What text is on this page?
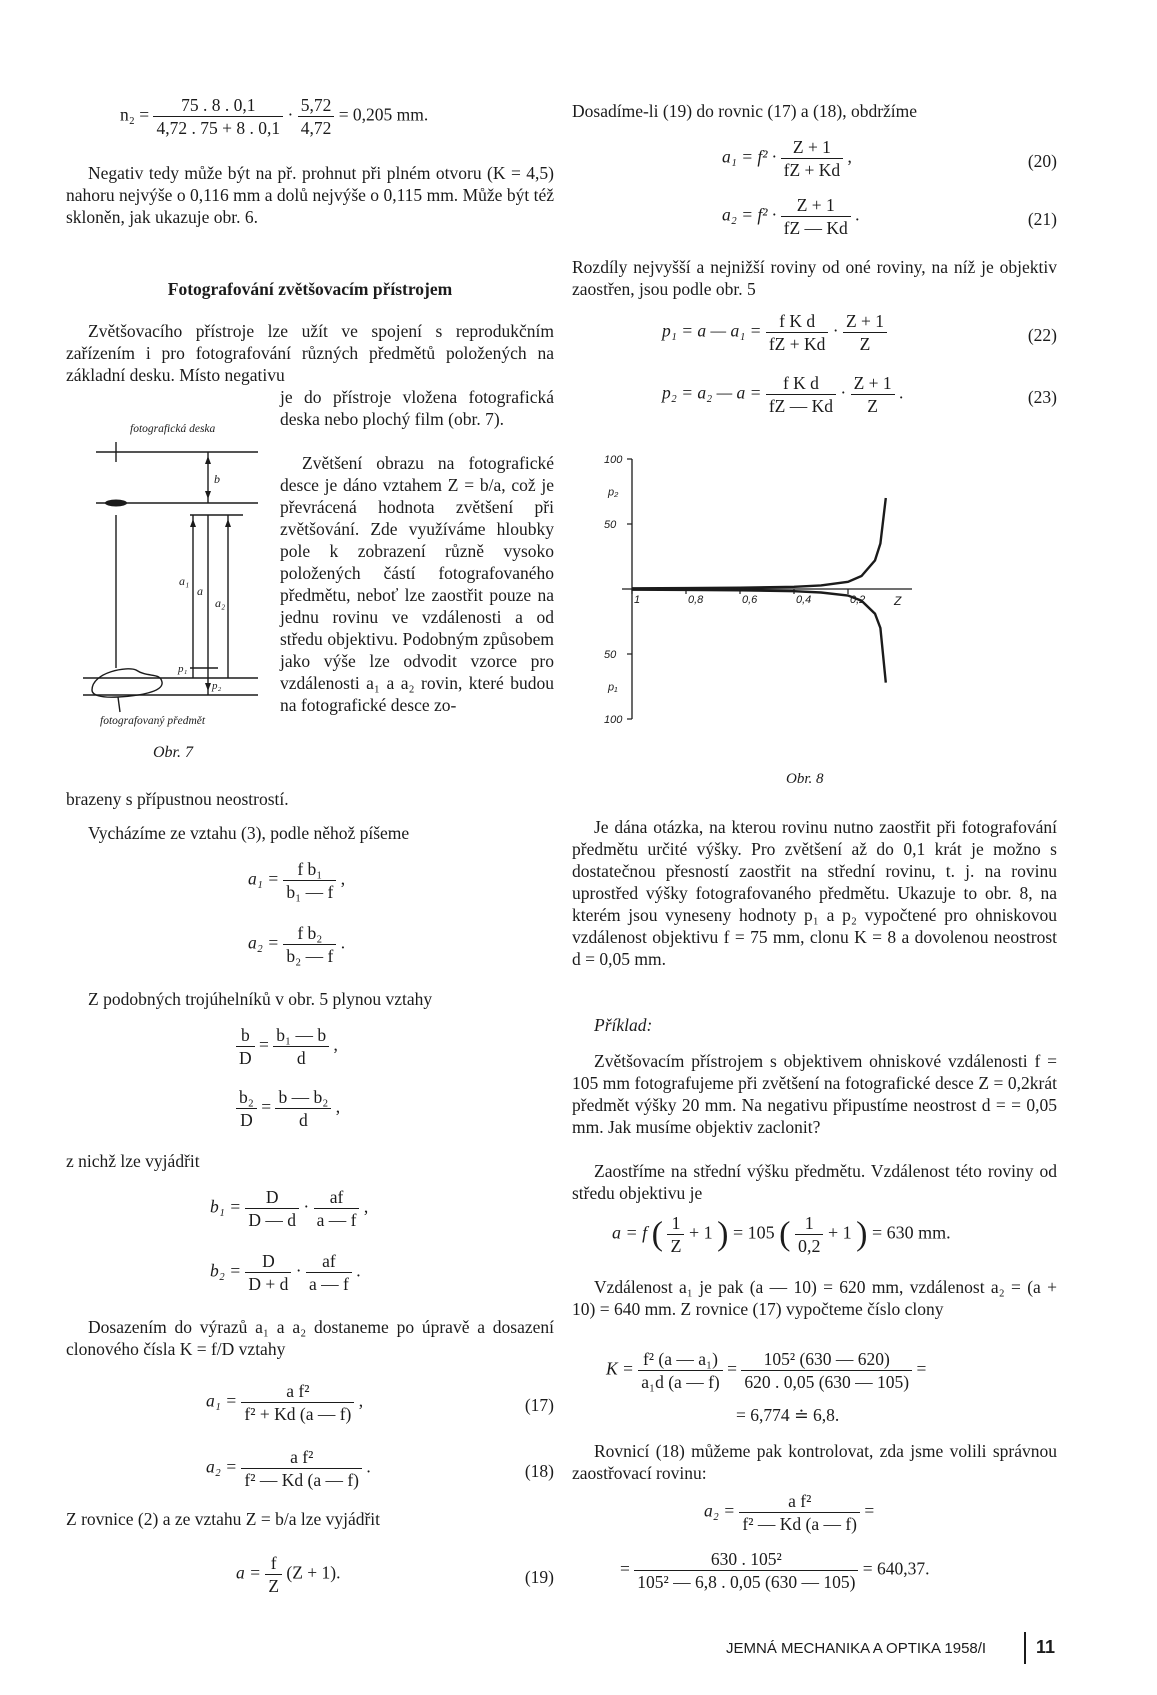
$n_2 = \frac{75 . 8 . 0,1}{4,72 . 75 + 8 . 0,1} \cdot \frac{5,72}{4,72} = 0,205$ mm.

Negativ tedy může být na př. prohnut při plném otvoru (K = 4,5) nahoru nejvýše o 0,116 mm a dolů nejvýše o 0,115 mm. Může být též skloněn, jak ukazuje obr. 6.

Fotografování zvětšovacím přístrojem

Zvětšovacího přístroje lze užít ve spojení s reprodukčním zařízením i pro fotografování různých předmětů položených na základní desku. Místo negativu

je do přístroje vložena fotografická deska nebo plochý film (obr. 7).

Zvětšení obrazu na fotografické desce je dáno vztahem Z = b/a, což je převrácená hodnota zvětšení při zvětšování. Zde využíváme hloubky pole k zobrazení různě vysoko položených částí fotografovaného předmětu, neboť lze zaostřit pouze na jednu rovinu ve vzdálenosti a od středu objektivu. Podobným způsobem jako výše lze odvodit vzorce pro vzdálenosti a₁ a a₂ rovin, které budou na fotografické desce zo-

brazeny s přípustnou neostrostí.

fotografická deska
b
a₁
a
a₂
p₁
p₂
fotografovaný předmět
Obr. 7

Vycházíme ze vztahu (3), podle něhož píšeme

$a_1 = \frac{\text{f b₁}}{\text{b₁ — f}}$ ,
$a_2 = \frac{\text{f b₂}}{\text{b₂ — f}}$ .

Z podobných trojúhelníků v obr. 5 plynou vztahy

$\frac{b}{D} = \frac{\text{b₁ — b}}{d}$ ,
$\frac{\text{b₂}}{D} = \frac{\text{b — b₂}}{d}$ ,

z nichž lze vyjádřit

$b_1 = \frac{D}{D — d} \cdot \frac{af}{a — f}$ ,
$b_2 = \frac{D}{D + d} \cdot \frac{af}{a — f}$ .

Dosazením do výrazů a₁ a a₂ dostaneme po úpravě a dosazení clonového čísla K = f/D vztahy

$a_1 = \frac{\text{a f²}}{\text{f² + Kd (a — f)}}$ ,	(17)
$a_2 = \frac{\text{a f²}}{\text{f² — Kd (a — f)}}$ .	(18)

Z rovnice (2) a ze vztahu Z = b/a lze vyjádřit

$a = \frac{f}{Z} (Z + 1)$.	(19)

Dosadíme-li (19) do rovnic (17) a (18), obdržíme

$a_1 = f^2 \cdot \frac{Z + 1}{fZ + Kd}$ ,	(20)
$a_2 = f^2 \cdot \frac{Z + 1}{fZ — Kd}$ .	(21)

Rozdíly nejvyšší a nejnižší roviny od oné roviny, na níž je objektiv zaostřen, jsou podle obr. 5

p₁ = a — $a_1 = \frac{\text{f K d}}{fZ + Kd} \cdot \frac{Z + 1}{Z}$	(22)
p₂ = a₂ — $a = \frac{\text{f K d}}{fZ — Kd} \cdot \frac{Z + 1}{Z}$ .	(23)
100
50
50
100
p₂
p₁
1	0,8	0,6	0,4	0,2 Z
Obr. 8

Je dána otázka, na kterou rovinu nutno zaostřit při fotografování předmětu určité výšky. Pro zvětšení až do 0,1 krát je možno s dostatečnou přesností zaostřit na střední rovinu, t. j. na rovinu uprostřed výšky fotografovaného předmětu. Ukazuje to obr. 8, na kterém jsou vyneseny hodnoty p₁ a p₂ vypočtené pro ohniskovou vzdálenost objektivu f = 75 mm, clonu K = 8 a dovolenou neostrost d = 0,05 mm.

Příklad:

Zvětšovacím přístrojem s objektivem ohniskové vzdálenosti f = 105 mm fotografujeme při zvětšení na fotografické desce Z = 0,2krát předmět výšky 20 mm. Na negativu připustíme neostrost d = = 0,05 mm. Jak musíme objektiv zaclonit?

Zaostříme na střední výšku předmětu. Vzdálenost této roviny od středu objektivu je

a = f ( $\frac{1}{Z} + 1$ ) = 105 ( $\frac{1}{0,2} + 1$ ) = 630 mm.

Vzdálenost a₁ je pak (a — 10) = 620 mm, vzdálenost a₂ = (a + 10) = 640 mm. Z rovnice (17) vypočteme číslo clony

$K = \frac{\text{f² (a — a₁)}}{\text{a₁d (a — f)}} = \frac{\text{105² (630 — 620)}}{620 . 0,05 (630 — 105)}$ =
= 6,774 ≐ 6,8.

Rovnicí (18) můžeme pak kontrolovat, zda jsme volili správnou zaostřovací rovinu:

$a_2 = \frac{\text{a f²}}{\text{f² — Kd (a — f)}}$ =
= $\frac{\text{630 . 105²}}{\text{105² — 6,8 . 0,05 (630 — 105)}} = 640,37$.
JEMNÁ MECHANIKA A OPTIKA 1958/I	11
